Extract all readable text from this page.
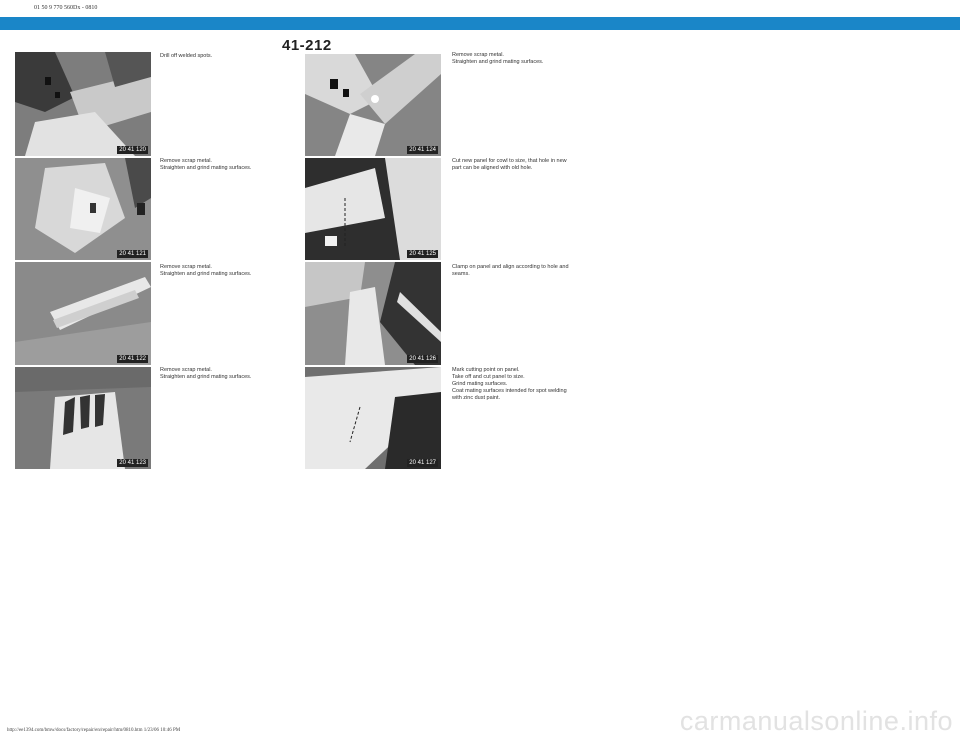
01 50 9 770 560Dx - 0810
41-212
20 41 120
20 41 121
20 41 122
20 41 123
Drill off welded spots.
Remove scrap metal.
Straighten and grind mating surfaces.
Remove scrap metal.
Straighten and grind mating surfaces.
Remove scrap metal.
Straighten and grind mating surfaces.
20 41 124
20 41 125
20 41 126
20 41 127
Remove scrap metal.
Straighten and grind mating surfaces.
Cut new panel for cowl to size, that hole in new
part can be aligned with old hole.
Clamp on panel and align according to hole and
seams.
Mark cutting point on panel.
Take off and cut panel to size.
Grind mating surfaces.
Coat mating surfaces intended for spot welding
with zinc dust paint.
http://ee1394.com/bmw/docs/factory/repair/en/repair/htm/0810.htm 1/23/06 10:46 PM	carmanualsonline.info
